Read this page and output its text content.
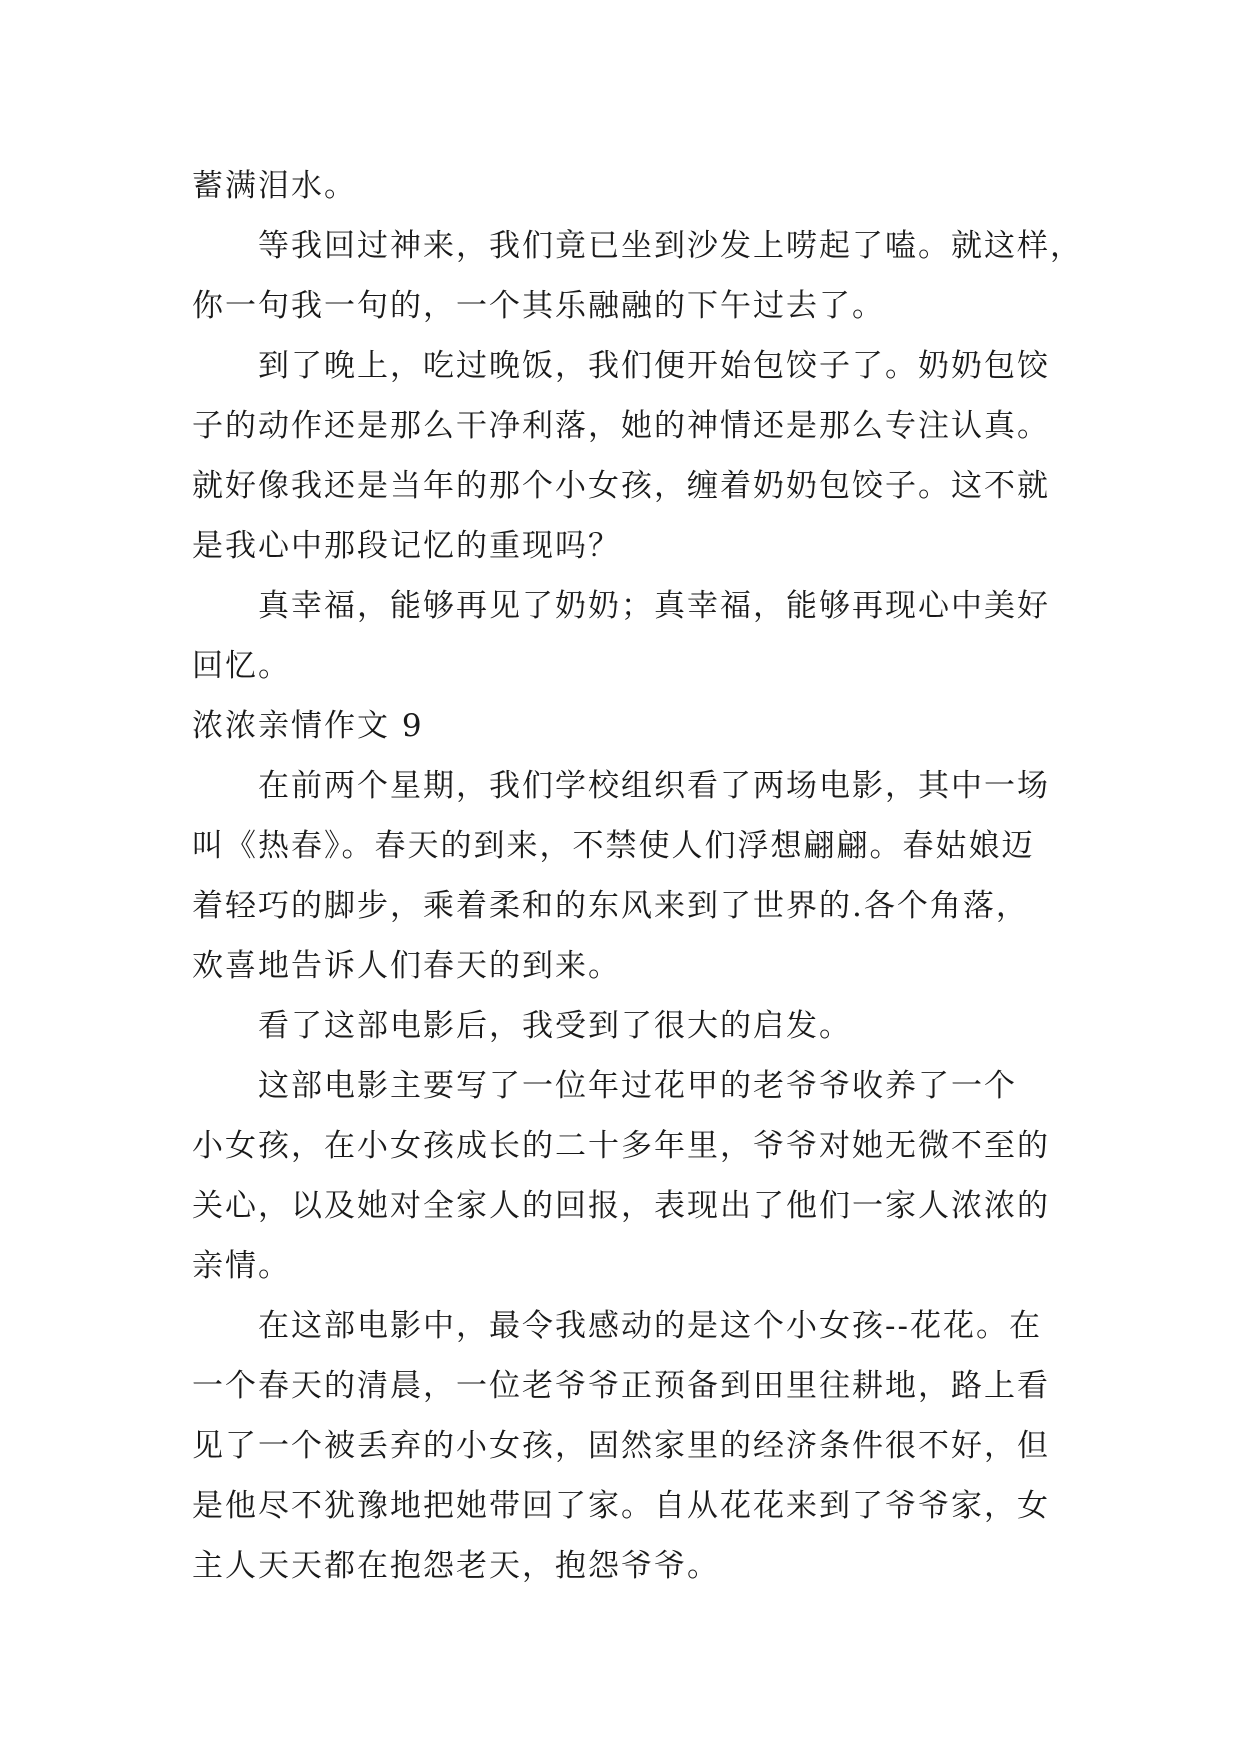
蓄满泪水。
等我回过神来，我们竟已坐到沙发上唠起了嗑。就这样，
你一句我一句的，一个其乐融融的下午过去了。
到了晚上，吃过晚饭，我们便开始包饺子了。奶奶包饺
子的动作还是那么干净利落，她的神情还是那么专注认真。
就好像我还是当年的那个小女孩，缠着奶奶包饺子。这不就
是我心中那段记忆的重现吗？
真幸福，能够再见了奶奶；真幸福，能够再现心中美好
回忆。
浓浓亲情作文 9
在前两个星期，我们学校组织看了两场电影，其中一场
叫《热春》。春天的到来，不禁使人们浮想翩翩。春姑娘迈
着轻巧的脚步，乘着柔和的东风来到了世界的.各个角落，
欢喜地告诉人们春天的到来。
看了这部电影后，我受到了很大的启发。
这部电影主要写了一位年过花甲的老爷爷收养了一个
小女孩，在小女孩成长的二十多年里，爷爷对她无微不至的
关心，以及她对全家人的回报，表现出了他们一家人浓浓的
亲情。
在这部电影中，最令我感动的是这个小女孩--花花。在
一个春天的清晨，一位老爷爷正预备到田里往耕地，路上看
见了一个被丢弃的小女孩，固然家里的经济条件很不好，但
是他尽不犹豫地把她带回了家。自从花花来到了爷爷家，女
主人天天都在抱怨老天，抱怨爷爷。
